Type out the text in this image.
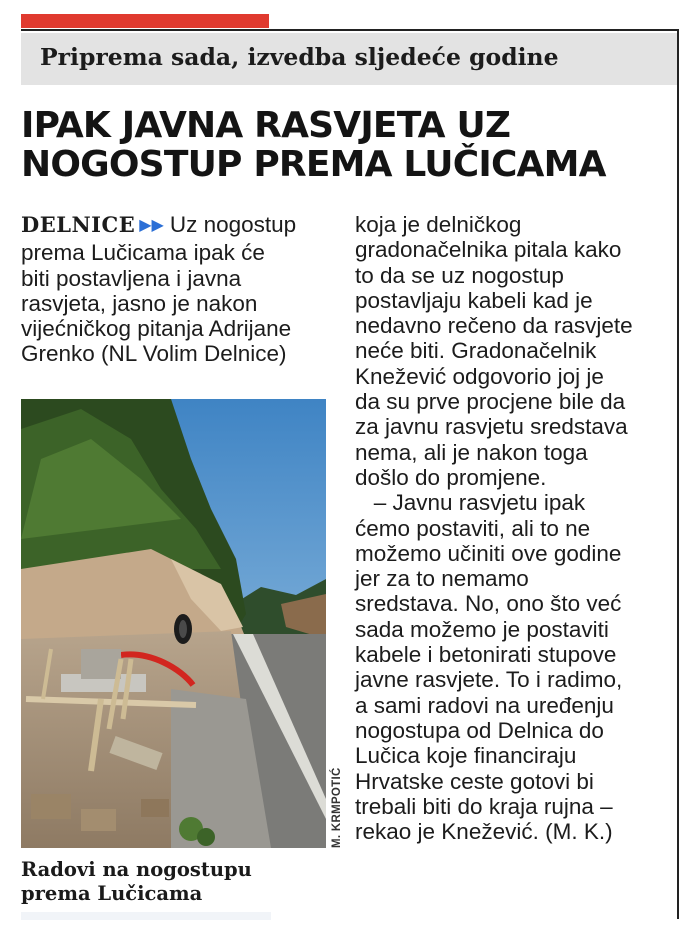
Priprema sada, izvedba sljedeće godine
IPAK JAVNA RASVJETA UZ
NOGOSTUP PREMA LUČICAMA
DELNICE ▶▶ Uz nogostup
prema Lučicama ipak će
biti postavljena i javna
rasvjeta, jasno je nakon
vijećničkog pitanja Adrijane
Grenko (NL Volim Delnice)
M. KRMPOTIĆ
Radovi na nogostupu
prema Lučicama
koja je delničkog
gradonačelnika pitala kako
to da se uz nogostup
postavljaju kabeli kad je
nedavno rečeno da rasvjete
neće biti. Gradonačelnik
Knežević odgovorio joj je
da su prve procjene bile da
za javnu rasvjetu sredstava
nema, ali je nakon toga
došlo do promjene.
– Javnu rasvjetu ipak
ćemo postaviti, ali to ne
možemo učiniti ove godine
jer za to nemamo
sredstava. No, ono što već
sada možemo je postaviti
kabele i betonirati stupove
javne rasvjete. To i radimo,
a sami radovi na uređenju
nogostupa od Delnica do
Lučica koje financiraju
Hrvatske ceste gotovi bi
trebali biti do kraja rujna –
rekao je Knežević. (M. K.)
